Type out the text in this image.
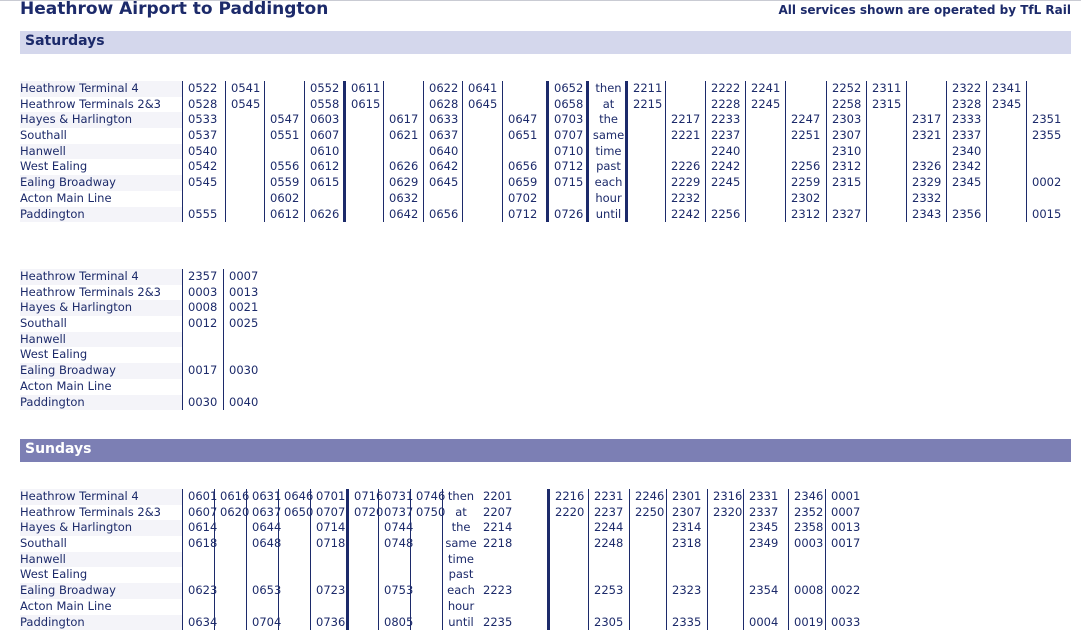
Heathrow Airport to Paddington	All services shown are operated by TfL Rail
Saturdays
Heathrow Terminal 4
Heathrow Terminals 2&3
Hayes & Harlington
Southall
Hanwell
West Ealing
Ealing Broadway
Acton Main Line
Paddington
0522
0528
0533
0537
0540
0542
0545
0555
0541
0545
0547
0551
0556
0559
0602
0612
0552
0558
0603
0607
0610
0612
0615
0626
0611
0615
0617
0621
0626
0629
0632
0642
0622
0628
0633
0637
0640
0642
0645
0656
0641
0645
0647
0651
0656
0659
0702
0712
0652
0658
0703
0707
0710
0712
0715
0726
then
at
the
same
time
past
each
hour
until
2211
2215
2217
2221
2226
2229
2232
2242
2222
2228
2233
2237
2240
2242
2245
2256
2241
2245
2247
2251
2256
2259
2302
2312
2252
2258
2303
2307
2310
2312
2315
2327
2311
2315
2317
2321
2326
2329
2332
2343
2322
2328
2333
2337
2340
2342
2345
2356
2341
2345
2351
2355
0002
0015
Heathrow Terminal 4
Heathrow Terminals 2&3
Hayes & Harlington
Southall
Hanwell
West Ealing
Ealing Broadway
Acton Main Line
Paddington
2357
0003
0008
0012
0017
0030
0007
0013
0021
0025
0030
0040
Sundays
Heathrow Terminal 4
Heathrow Terminals 2&3
Hayes & Harlington
Southall
Hanwell
West Ealing
Ealing Broadway
Acton Main Line
Paddington
0601
0607
0614
0618
0623
0634
0616
0620
0631
0637
0644
0648
0653
0704
0646
0650
0701
0707
0714
0718
0723
0736
0716
0720
0731
0737
0744
0748
0753
0805
0746
0750
then
at
the
same
time
past
each
hour
until
2201
2207
2214
2218
2223
2235
2216
2220
2231
2237
2244
2248
2253
2305
2246
2250
2301
2307
2314
2318
2323
2335
2316
2320
2331
2337
2345
2349
2354
0004
2346
2352
2358
0003
0008
0019
0001
0007
0013
0017
0022
0033
